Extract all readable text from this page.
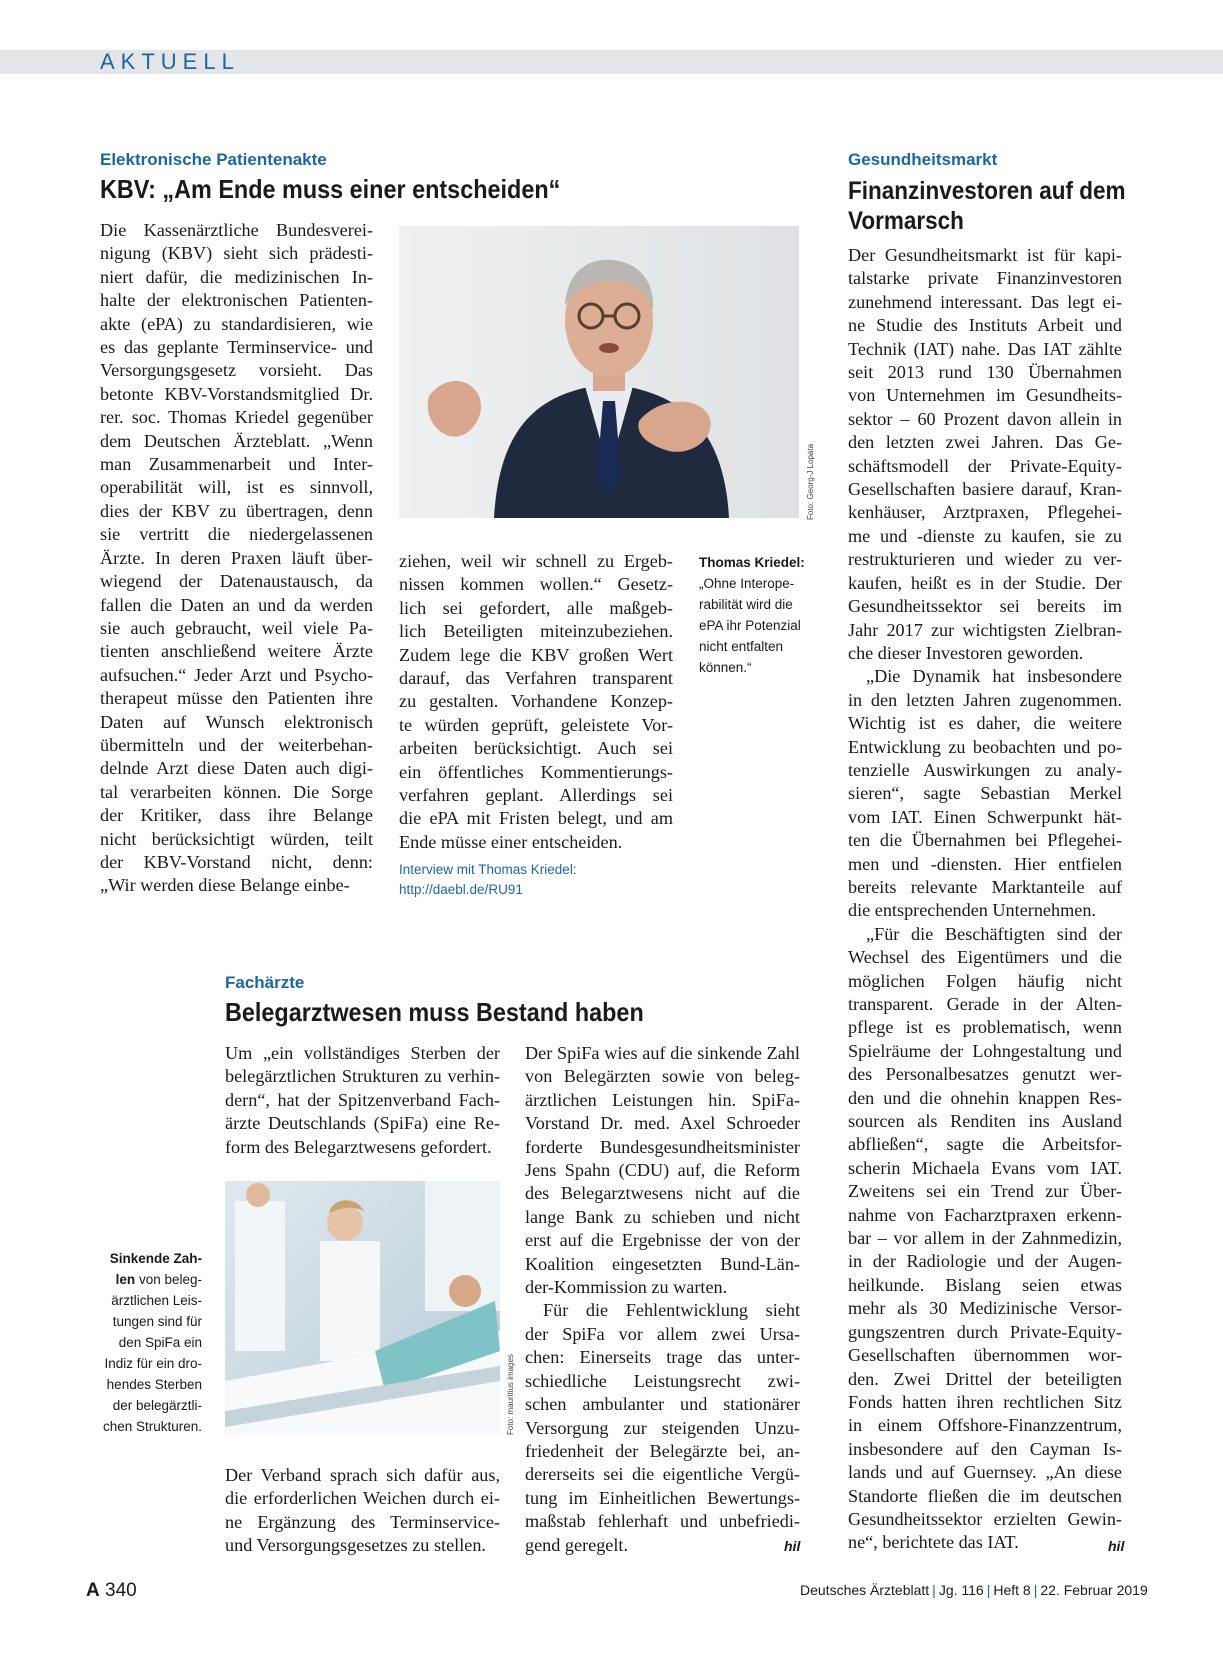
AKTUELL
Elektronische Patientenakte
KBV: „Am Ende muss einer entscheiden“
Die Kassenärztliche Bundesverei-
nigung (KBV) sieht sich prädesti-
niert dafür, die medizinischen In-
halte der elektronischen Patienten-
akte (ePA) zu standardisieren, wie
es das geplante Terminservice- und
Versorgungsgesetz vorsieht. Das
betonte KBV-Vorstandsmitglied Dr.
rer. soc. Thomas Kriedel gegenüber
dem Deutschen Ärzteblatt. „Wenn
man Zusammenarbeit und Inter-
operabilität will, ist es sinnvoll,
dies der KBV zu übertragen, denn
sie vertritt die niedergelassenen
Ärzte. In deren Praxen läuft über-
wiegend der Datenaustausch, da
fallen die Daten an und da werden
sie auch gebraucht, weil viele Pa-
tienten anschließend weitere Ärzte
aufsuchen.“ Jeder Arzt und Psycho-
therapeut müsse den Patienten ihre
Daten auf Wunsch elektronisch
übermitteln und der weiterbehan-
delnde Arzt diese Daten auch digi-
tal verarbeiten können. Die Sorge
der Kritiker, dass ihre Belange
nicht berücksichtigt würden, teilt
der KBV-Vorstand nicht, denn:
„Wir werden diese Belange einbe-
Foto: Georg-J Lopata
ziehen, weil wir schnell zu Ergeb-
nissen kommen wollen.“ Gesetz-
lich sei gefordert, alle maßgeb-
lich Beteiligten miteinzubeziehen.
Zudem lege die KBV großen Wert
darauf, das Verfahren transparent
zu gestalten. Vorhandene Konzep-
te würden geprüft, geleistete Vor-
arbeiten berücksichtigt. Auch sei
ein öffentliches Kommentierungs-
verfahren geplant. Allerdings sei
die ePA mit Fristen belegt, und am
Ende müsse einer entscheiden.
Interview mit Thomas Kriedel:
http://daebl.de/RU91
Thomas Kriedel:
„Ohne Interope-
rabilität wird die
ePA ihr Potenzial
nicht entfalten
können.“
Gesundheitsmarkt
Finanzinvestoren auf dem
Vormarsch
Der Gesundheitsmarkt ist für kapi-
talstarke private Finanzinvestoren
zunehmend interessant. Das legt ei-
ne Studie des Instituts Arbeit und
Technik (IAT) nahe. Das IAT zählte
seit 2013 rund 130 Übernahmen
von Unternehmen im Gesundheits-
sektor – 60 Prozent davon allein in
den letzten zwei Jahren. Das Ge-
schäftsmodell der Private-Equity-
Gesellschaften basiere darauf, Kran-
kenhäuser, Arztpraxen, Pflegehei-
me und -dienste zu kaufen, sie zu
restrukturieren und wieder zu ver-
kaufen, heißt es in der Studie. Der
Gesundheitssektor sei bereits im
Jahr 2017 zur wichtigsten Zielbran-
che dieser Investoren geworden.
„Die Dynamik hat insbesondere
in den letzten Jahren zugenommen.
Wichtig ist es daher, die weitere
Entwicklung zu beobachten und po-
tenzielle Auswirkungen zu analy-
sieren“, sagte Sebastian Merkel
vom IAT. Einen Schwerpunkt hät-
ten die Übernahmen bei Pflegehei-
men und -diensten. Hier entfielen
bereits relevante Marktanteile auf
die entsprechenden Unternehmen.
„Für die Beschäftigten sind der
Wechsel des Eigentümers und die
möglichen Folgen häufig nicht
transparent. Gerade in der Alten-
pflege ist es problematisch, wenn
Spielräume der Lohngestaltung und
des Personalbesatzes genutzt wer-
den und die ohnehin knappen Res-
sourcen als Renditen ins Ausland
abfließen“, sagte die Arbeitsfor-
scherin Michaela Evans vom IAT.
Zweitens sei ein Trend zur Über-
nahme von Facharztpraxen erkenn-
bar – vor allem in der Zahnmedizin,
in der Radiologie und der Augen-
heilkunde. Bislang seien etwas
mehr als 30 Medizinische Versor-
gungszentren durch Private-Equity-
Gesellschaften übernommen wor-
den. Zwei Drittel der beteiligten
Fonds hatten ihren rechtlichen Sitz
in einem Offshore-Finanzzentrum,
insbesondere auf den Cayman Is-
lands und auf Guernsey. „An diese
Standorte fließen die im deutschen
Gesundheitssektor erzielten Gewin-
ne“, berichtete das IAT.
Fachärzte
Belegarztwesen muss Bestand haben
Um „ein vollständiges Sterben der
belegärztlichen Strukturen zu verhin-
dern“, hat der Spitzenverband Fach-
ärzte Deutschlands (SpiFa) eine Re-
form des Belegarztwesens gefordert.
Foto: mauritius images
Sinkende Zah-
len von beleg-
ärztlichen Leis-
tungen sind für
den SpiFa ein
Indiz für ein dro-
hendes Sterben
der belegärztli-
chen Strukturen.
Der Verband sprach sich dafür aus,
die erforderlichen Weichen durch ei-
ne Ergänzung des Terminservice-
und Versorgungsgesetzes zu stellen.
Der SpiFa wies auf die sinkende Zahl
von Belegärzten sowie von beleg-
ärztlichen Leistungen hin. SpiFa-
Vorstand Dr. med. Axel Schroeder
forderte Bundesgesundheitsminister
Jens Spahn (CDU) auf, die Reform
des Belegarztwesens nicht auf die
lange Bank zu schieben und nicht
erst auf die Ergebnisse der von der
Koalition eingesetzten Bund-Län-
der-Kommission zu warten.
Für die Fehlentwicklung sieht
der SpiFa vor allem zwei Ursa-
chen: Einerseits trage das unter-
schiedliche Leistungsrecht zwi-
schen ambulanter und stationärer
Versorgung zur steigenden Unzu-
friedenheit der Belegärzte bei, an-
dererseits sei die eigentliche Vergü-
tung im Einheitlichen Bewertungs-
maßstab fehlerhaft und unbefriedi-
gend geregelt.	hil	hil
A 340	Deutsches Ärzteblatt | Jg. 116 | Heft 8 | 22. Februar 2019
